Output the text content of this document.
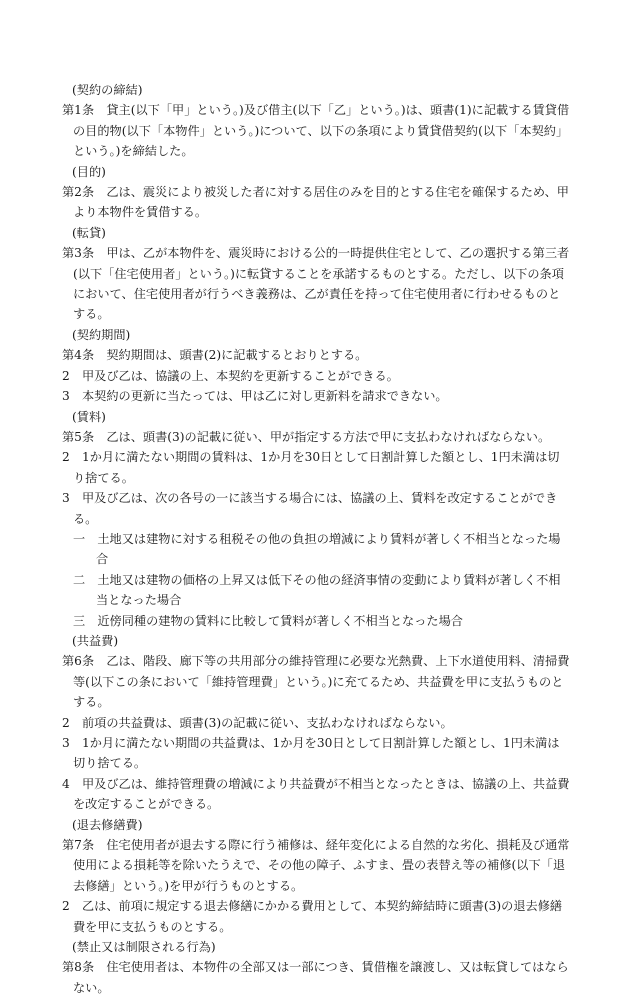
(契約の締結)

第1条　貸主(以下「甲」という。)及び借主(以下「乙」という。)は、頭書(1)に記載する賃貸借の目的物(以下「本物件」という。)について、以下の条項により賃貸借契約(以下「本契約」という。)を締結した。

(目的)

第2条　乙は、震災により被災した者に対する居住のみを目的とする住宅を確保するため、甲より本物件を賃借する。

(転貸)

第3条　甲は、乙が本物件を、震災時における公的一時提供住宅として、乙の選択する第三者(以下「住宅使用者」という。)に転貸することを承諾するものとする。ただし、以下の条項において、住宅使用者が行うべき義務は、乙が責任を持って住宅使用者に行わせるものとする。

(契約期間)

第4条　契約期間は、頭書(2)に記載するとおりとする。

2　甲及び乙は、協議の上、本契約を更新することができる。

3　本契約の更新に当たっては、甲は乙に対し更新料を請求できない。

(賃料)

第5条　乙は、頭書(3)の記載に従い、甲が指定する方法で甲に支払わなければならない。

2　1か月に満たない期間の賃料は、1か月を30日として日割計算した額とし、1円未満は切り捨てる。

3　甲及び乙は、次の各号の一に該当する場合には、協議の上、賃料を改定することができる。

一　土地又は建物に対する租税その他の負担の増減により賃料が著しく不相当となった場合

二　土地又は建物の価格の上昇又は低下その他の経済事情の変動により賃料が著しく不相当となった場合

三　近傍同種の建物の賃料に比較して賃料が著しく不相当となった場合

(共益費)

第6条　乙は、階段、廊下等の共用部分の維持管理に必要な光熱費、上下水道使用料、清掃費等(以下この条において「維持管理費」という。)に充てるため、共益費を甲に支払うものとする。

2　前項の共益費は、頭書(3)の記載に従い、支払わなければならない。

3　1か月に満たない期間の共益費は、1か月を30日として日割計算した額とし、1円未満は切り捨てる。

4　甲及び乙は、維持管理費の増減により共益費が不相当となったときは、協議の上、共益費を改定することができる。

(退去修繕費)

第7条　住宅使用者が退去する際に行う補修は、経年変化による自然的な劣化、損耗及び通常使用による損耗等を除いたうえで、その他の障子、ふすま、畳の表替え等の補修(以下「退去修繕」という。)を甲が行うものとする。

2　乙は、前項に規定する退去修繕にかかる費用として、本契約締結時に頭書(3)の退去修繕費を甲に支払うものとする。

(禁止又は制限される行為)

第8条　住宅使用者は、本物件の全部又は一部につき、賃借権を譲渡し、又は転貸してはならない。
